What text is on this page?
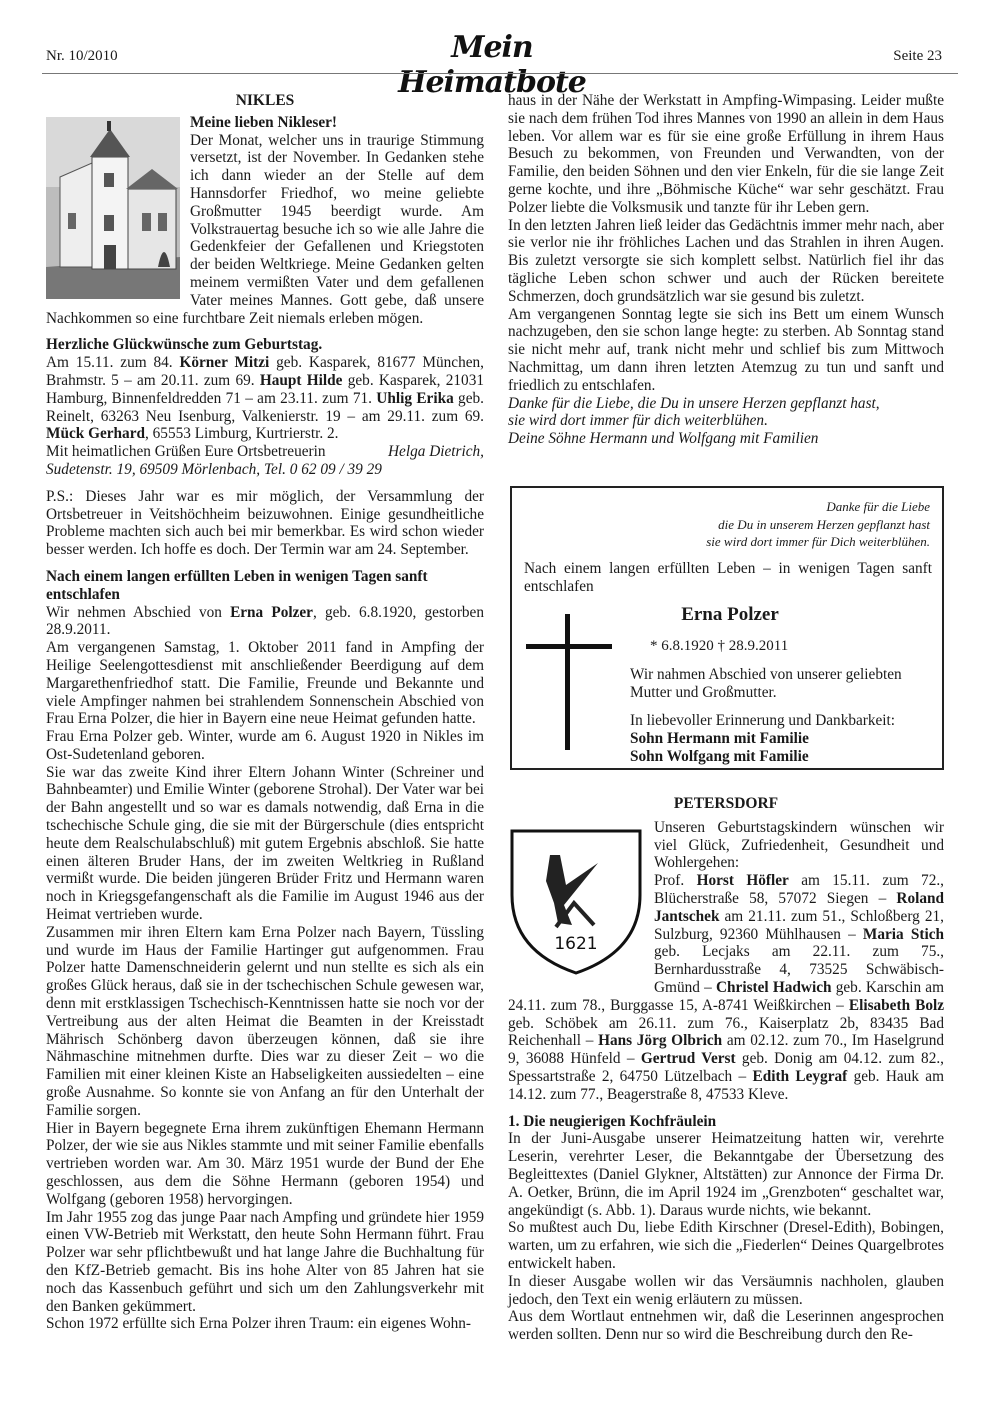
Nr. 10/2010	Mein Heimatbote
Seite 23
NIKLES
Meine lieben Nikleser!

Der Monat, welcher uns in traurige Stimmung versetzt, ist der November. In Gedanken stehe ich dann wieder an der Stelle auf dem Hannsdorfer Friedhof, wo meine geliebte Großmutter 1945 beerdigt wurde. Am Volkstrauertag besuche ich so wie alle Jahre die Gedenkfeier der Gefallenen und Kriegstoten der beiden Weltkriege. Meine Gedanken gelten meinem vermißten Vater und dem gefallenen Vater meines Mannes. Gott gebe, daß unsere Nachkommen so eine furchtbare Zeit niemals erleben mögen.

Herzliche Glückwünsche zum Geburtstag.

Am 15.11. zum 84. Körner Mitzi geb. Kasparek, 81677 München, Brahmstr. 5 – am 20.11. zum 69. Haupt Hilde geb. Kasparek, 21031 Hamburg, Binnenfeldredden 71 – am 23.11. zum 71. Uhlig Erika geb. Reinelt, 63263 Neu Isenburg, Valkenierstr. 19 – am 29.11. zum 69. Mück Gerhard, 65553 Limburg, Kurtrierstr. 2.

Mit heimatlichen Grüßen Eure Ortsbetreuerin	Helga Dietrich,

Sudetenstr. 19, 69509 Mörlenbach, Tel. 0 62 09 / 39 29

P.S.: Dieses Jahr war es mir möglich, der Versammlung der Ortsbetreuer in Veitshöchheim beizuwohnen. Einige gesundheitliche Probleme machten sich auch bei mir bemerkbar. Es wird schon wieder besser werden. Ich hoffe es doch. Der Termin war am 24. September.

Nach einem langen erfüllten Leben in wenigen Tagen sanft entschlafen

Wir nehmen Abschied von Erna Polzer, geb. 6.8.1920, gestorben 28.9.2011.

Am vergangenen Samstag, 1. Oktober 2011 fand in Ampfing der Heilige Seelengottesdienst mit anschließender Beerdigung auf dem Margarethenfriedhof statt. Die Familie, Freunde und Bekannte und viele Ampfinger nahmen bei strahlendem Sonnenschein Abschied von Frau Erna Polzer, die hier in Bayern eine neue Heimat gefunden hatte.

Frau Erna Polzer geb. Winter, wurde am 6. August 1920 in Nikles im Ost-Sudetenland geboren.

Sie war das zweite Kind ihrer Eltern Johann Winter (Schreiner und Bahnbeamter) und Emilie Winter (geborene Strohal). Der Vater war bei der Bahn angestellt und so war es damals notwendig, daß Erna in die tschechische Schule ging, die sie mit der Bürgerschule (dies entspricht heute dem Realschulabschluß) mit gutem Ergebnis abschloß. Sie hatte einen älteren Bruder Hans, der im zweiten Weltkrieg in Rußland vermißt wurde. Die beiden jüngeren Brüder Fritz und Hermann waren noch in Kriegsgefangenschaft als die Familie im August 1946 aus der Heimat vertrieben wurde.

Zusammen mir ihren Eltern kam Erna Polzer nach Bayern, Tüssling und wurde im Haus der Familie Hartinger gut aufgenommen. Frau Polzer hatte Damenschneiderin gelernt und nun stellte es sich als ein großes Glück heraus, daß sie in der tschechischen Schule gewesen war, denn mit erstklassigen Tschechisch-Kenntnissen hatte sie noch vor der Vertreibung aus der alten Heimat die Beamten in der Kreisstadt Mährisch Schönberg davon überzeugen können, daß sie ihre Nähmaschine mitnehmen durfte. Dies war zu dieser Zeit – wo die Familien mit einer kleinen Kiste an Habseligkeiten aussiedelten – eine große Ausnahme. So konnte sie von Anfang an für den Unterhalt der Familie sorgen.

Hier in Bayern begegnete Erna ihrem zukünftigen Ehemann Hermann Polzer, der wie sie aus Nikles stammte und mit seiner Familie ebenfalls vertrieben worden war. Am 30. März 1951 wurde der Bund der Ehe geschlossen, aus dem die Söhne Hermann (geboren 1954) und Wolfgang (geboren 1958) hervorgingen.

Im Jahr 1955 zog das junge Paar nach Ampfing und gründete hier 1959 einen VW-Betrieb mit Werkstatt, den heute Sohn Hermann führt. Frau Polzer war sehr pflichtbewußt und hat lange Jahre die Buchhaltung für den KfZ-Betrieb gemacht. Bis ins hohe Alter von 85 Jahren hat sie noch das Kassenbuch geführt und sich um den Zahlungsverkehr mit den Banken gekümmert.

Schon 1972 erfüllte sich Erna Polzer ihren Traum: ein eigenes Wohn-

haus in der Nähe der Werkstatt in Ampfing-Wimpasing. Leider mußte sie nach dem frühen Tod ihres Mannes von 1990 an allein in dem Haus leben. Vor allem war es für sie eine große Erfüllung in ihrem Haus Besuch zu bekommen, von Freunden und Verwandten, von der Familie, den beiden Söhnen und den vier Enkeln, für die sie lange Zeit gerne kochte, und ihre „Böhmische Küche“ war sehr geschätzt. Frau Polzer liebte die Volksmusik und tanzte für ihr Leben gern.

In den letzten Jahren ließ leider das Gedächtnis immer mehr nach, aber sie verlor nie ihr fröhliches Lachen und das Strahlen in ihren Augen. Bis zuletzt versorgte sie sich komplett selbst. Natürlich fiel ihr das tägliche Leben schon schwer und auch der Rücken bereitete Schmerzen, doch grundsätzlich war sie gesund bis zuletzt.

Am vergangenen Sonntag legte sie sich ins Bett um einem Wunsch nachzugeben, den sie schon lange hegte: zu sterben. Ab Sonntag stand sie nicht mehr auf, trank nicht mehr und schlief bis zum Mittwoch Nachmittag, um dann ihren letzten Atemzug zu tun und sanft und friedlich zu entschlafen.

Danke für die Liebe, die Du in unsere Herzen gepflanzt hast,

sie wird dort immer für dich weiterblühen.

Deine Söhne Hermann und Wolfgang mit Familien

Danke für die Liebe
die Du in unserem Herzen gepflanzt hast
sie wird dort immer für Dich weiterblühen.
Nach einem langen erfüllten Leben – in wenigen Tagen sanft entschlafen
Erna Polzer
* 6.8.1920 † 28.9.2011
Wir nahmen Abschied von unserer geliebten Mutter und Großmutter.
In liebevoller Erinnerung und Dankbarkeit:
Sohn Hermann mit Familie
Sohn Wolfgang mit Familie
PETERSDORF
1621

Unseren Geburtstagskindern wünschen wir viel Glück, Zufriedenheit, Gesundheit und Wohlergehen:
Prof. Horst Höfler am 15.11. zum 72., Blücherstraße 58, 57072 Siegen – Roland Jantschek am 21.11. zum 51., Schloßberg 21, Sulzburg, 92360 Mühlhausen – Maria Stich geb. Lecjaks am 22.11. zum 75., Bernhardusstraße 4, 73525 Schwäbisch-Gmünd – Christel Hadwich geb. Karschin am 24.11. zum 78., Burggasse 15, A-8741 Weißkirchen – Elisabeth Bolz geb. Schöbek am 26.11. zum 76., Kaiserplatz 2b, 83435 Bad Reichenhall – Hans Jörg Olbrich am 02.12. zum 70., Im Haselgrund 9, 36088 Hünfeld – Gertrud Verst geb. Donig am 04.12. zum 82., Spessartstraße 2, 64750 Lützelbach – Edith Leygraf geb. Hauk am 14.12. zum 77., Beagerstraße 8, 47533 Kleve.

1. Die neugierigen Kochfräulein

In der Juni-Ausgabe unserer Heimatzeitung hatten wir, verehrte Leserin, verehrter Leser, die Bekanntgabe der Übersetzung des Begleittextes (Daniel Glykner, Altstätten) zur Annonce der Firma Dr. A. Oetker, Brünn, die im April 1924 im „Grenzboten“ geschaltet war, angekündigt (s. Abb. 1). Daraus wurde nichts, wie bekannt.

So mußtest auch Du, liebe Edith Kirschner (Dresel-Edith), Bobingen, warten, um zu erfahren, wie sich die „Fiederlen“ Deines Quargelbrotes entwickelt haben.

In dieser Ausgabe wollen wir das Versäumnis nachholen, glauben jedoch, den Text ein wenig erläutern zu müssen.

Aus dem Wortlaut entnehmen wir, daß die Leserinnen angesprochen werden sollten. Denn nur so wird die Beschreibung durch den Re-
